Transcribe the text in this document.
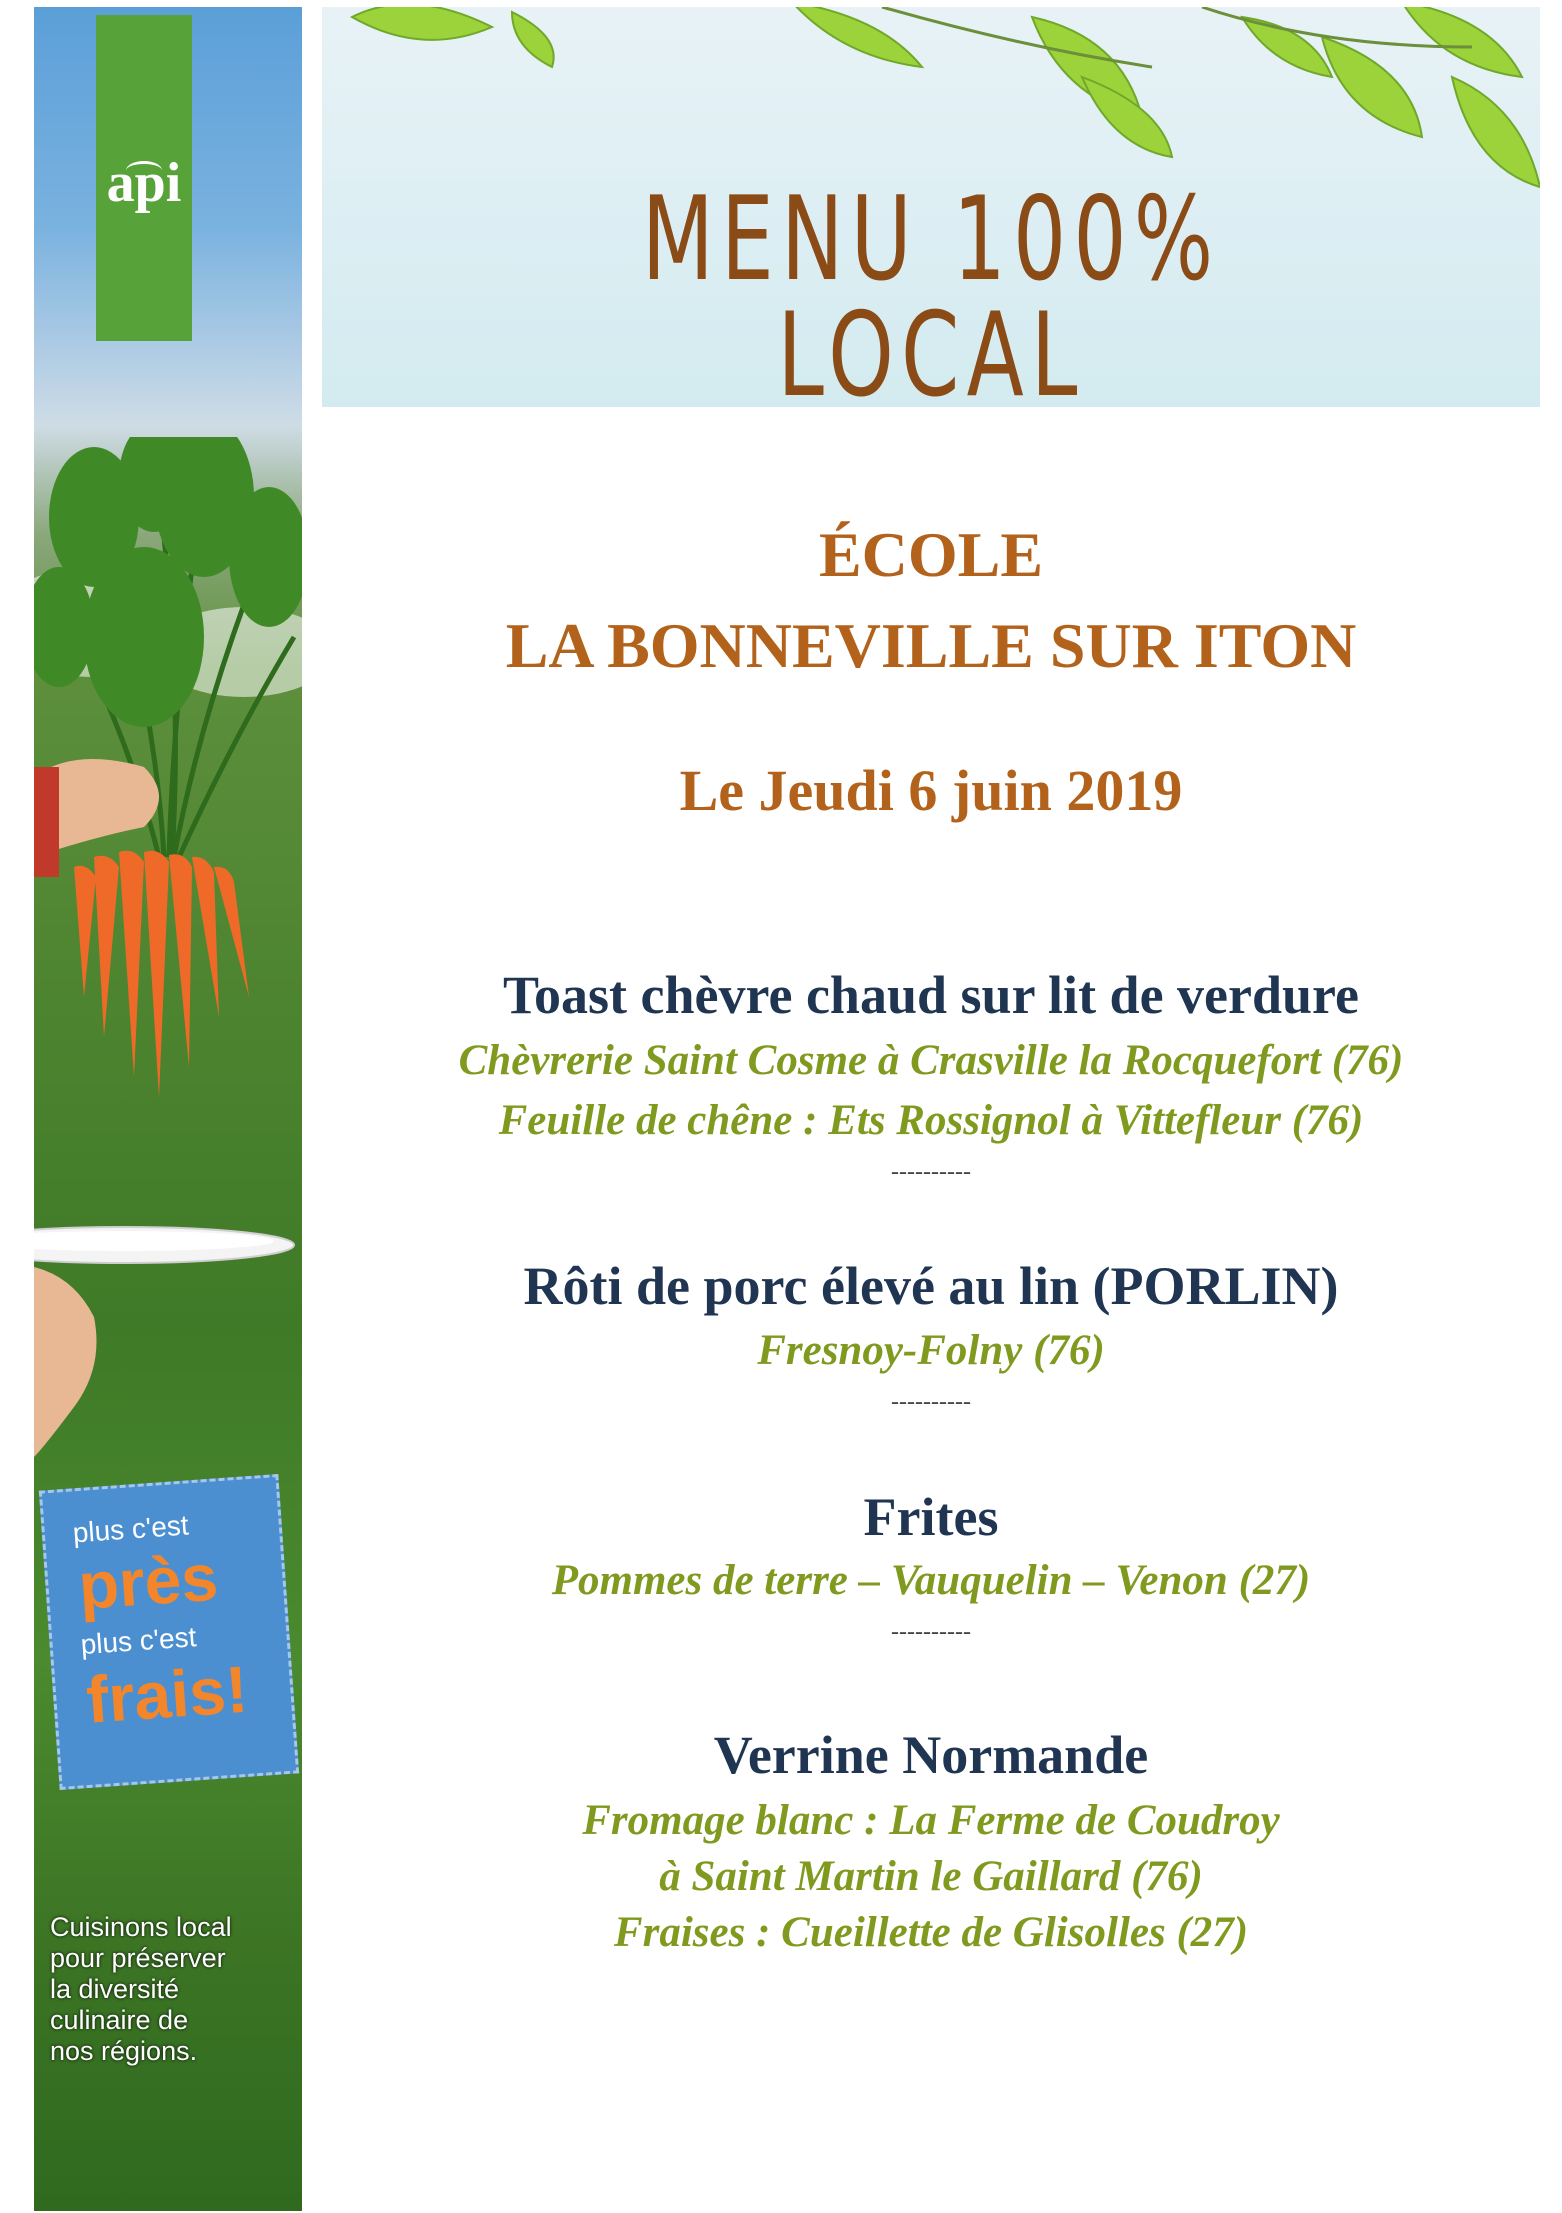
api
plus c'est
près
plus c'est
frais!
Cuisinons local
pour préserver
la diversité
culinaire de
nos régions.
MENU 100% LOCAL
ÉCOLE
LA BONNEVILLE SUR ITON
Le Jeudi 6 juin 2019
Toast chèvre chaud sur lit de verdure
Chèvrerie Saint Cosme à Crasville la Rocquefort (76)
Feuille de chêne : Ets Rossignol à Vittefleur (76)
----------
Rôti de porc élevé au lin (PORLIN)
Fresnoy-Folny (76)
----------
Frites
Pommes de terre – Vauquelin – Venon (27)
----------
Verrine Normande
Fromage blanc : La Ferme de Coudroy
à Saint Martin le Gaillard (76)
Fraises : Cueillette de Glisolles (27)
